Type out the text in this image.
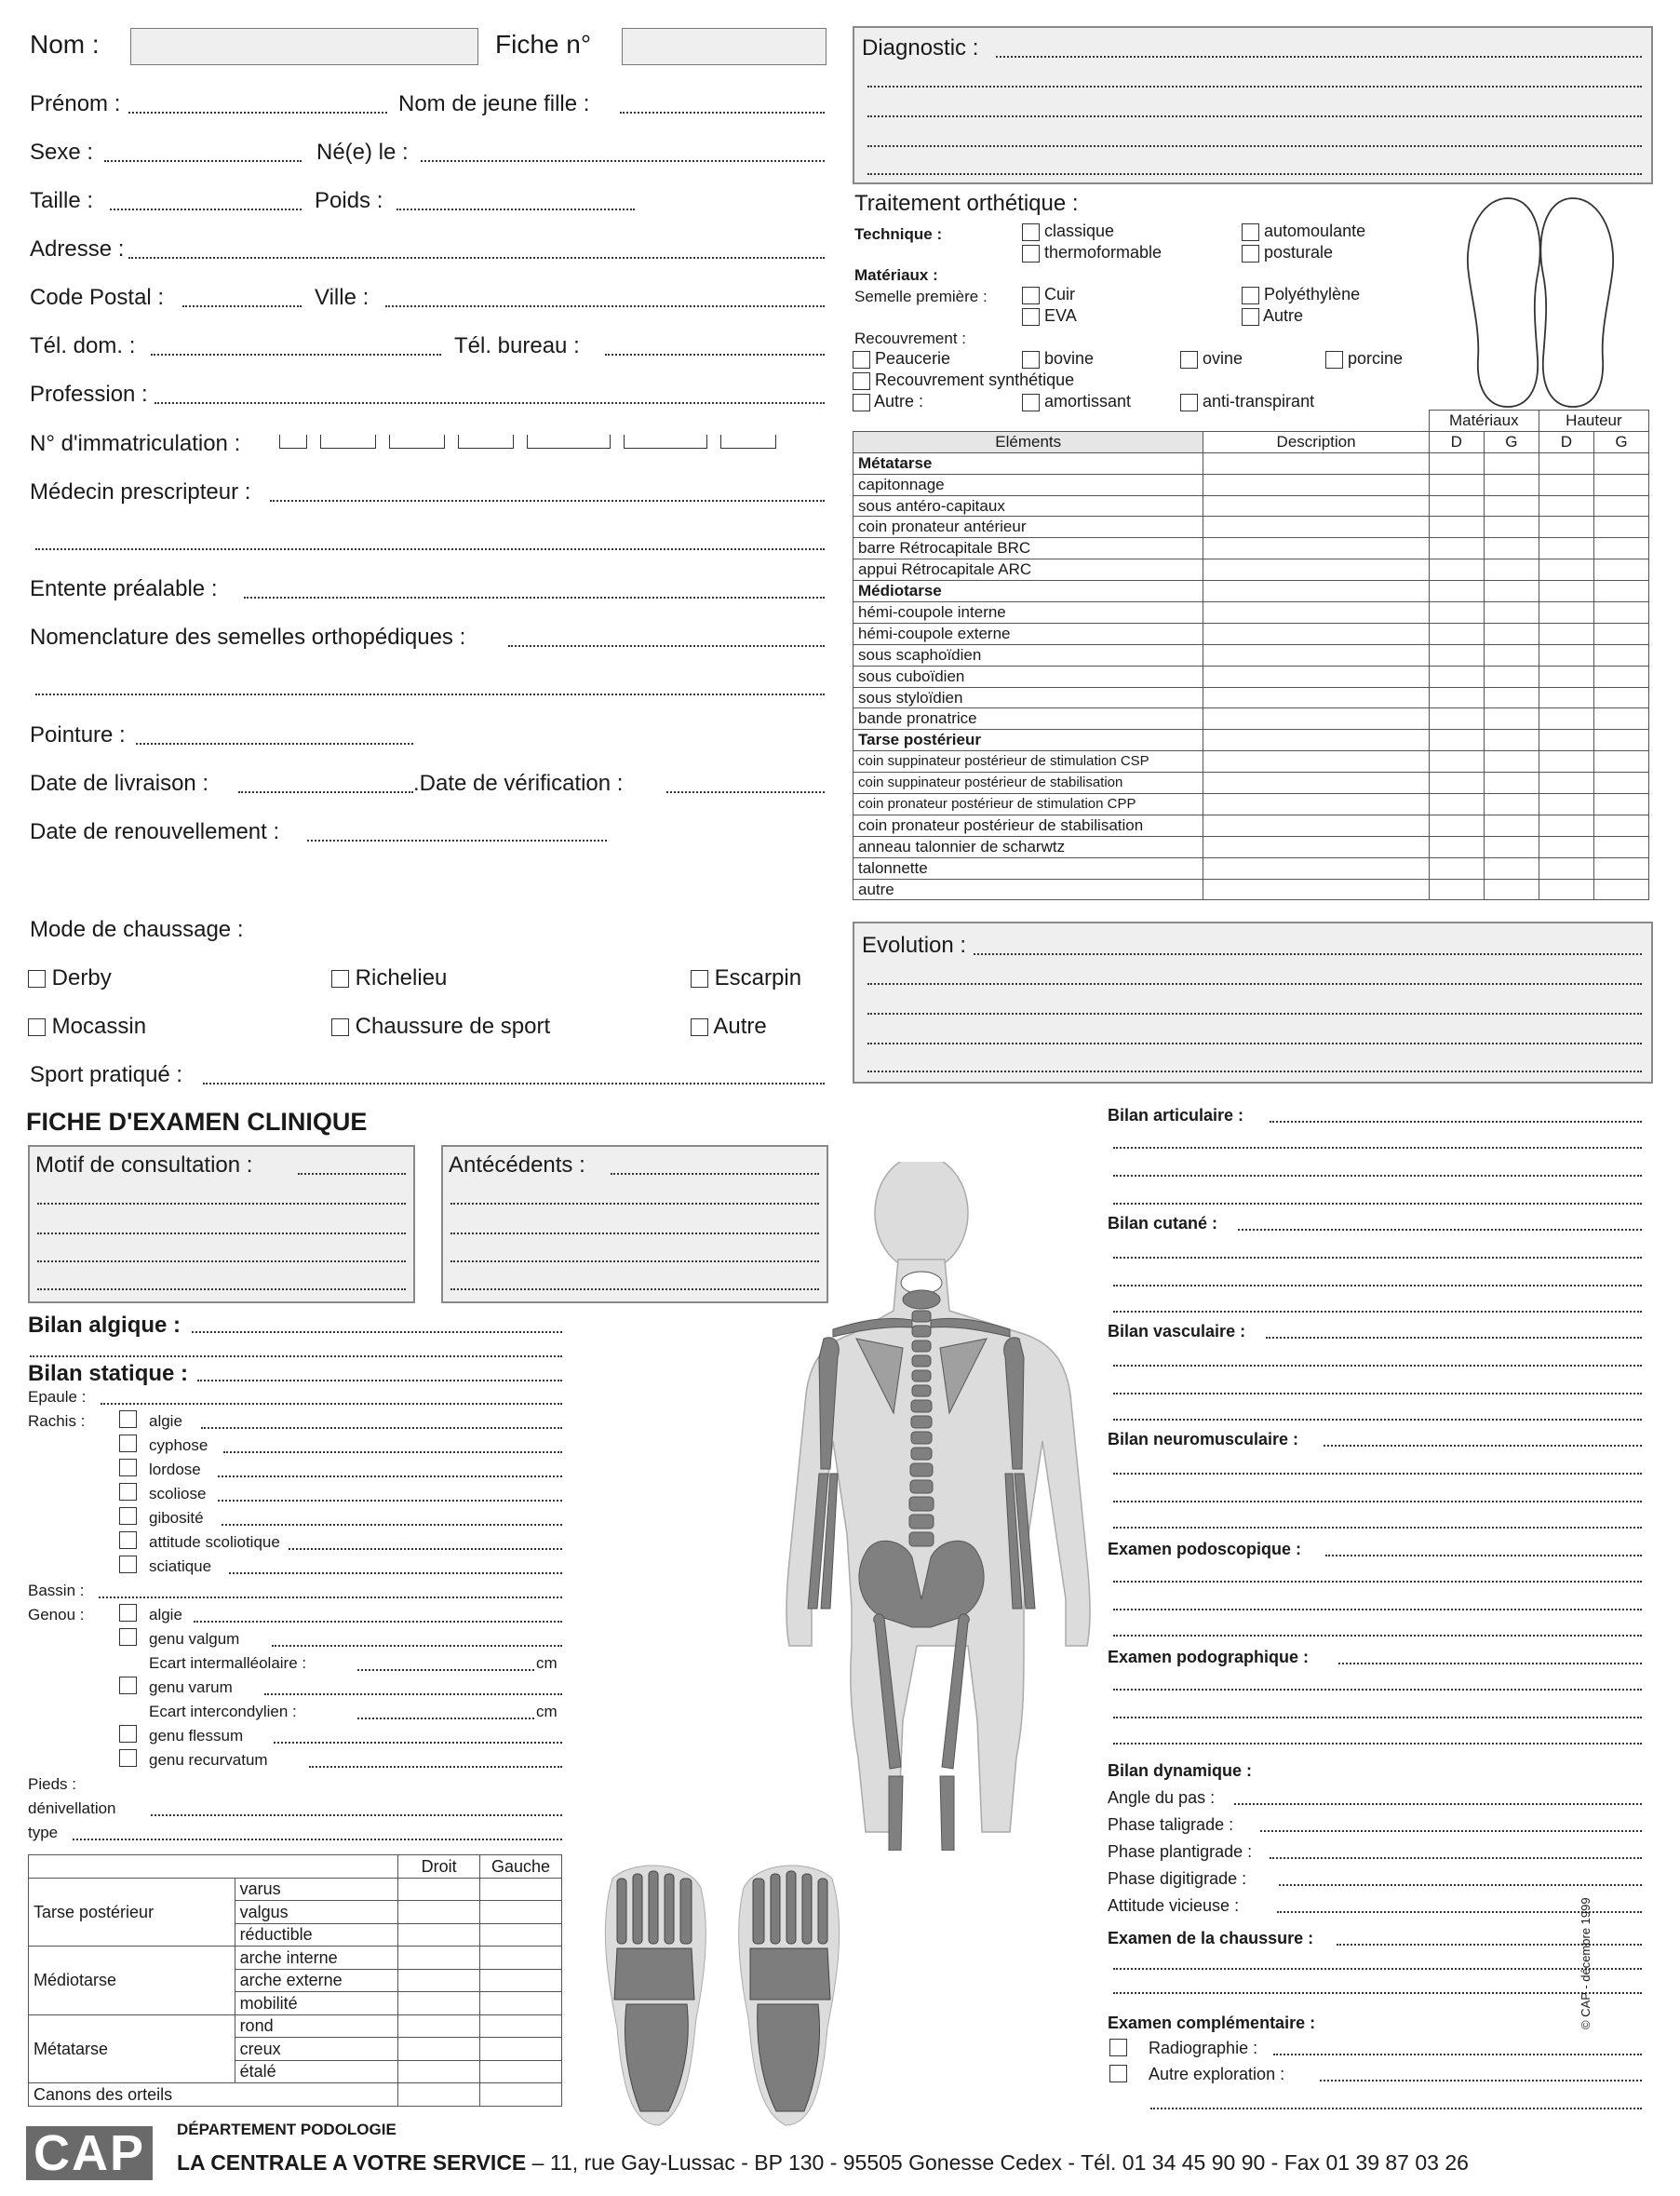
Nom :	Fiche n°
Prénom :	Nom de jeune fille :
Sexe :	Né(e) le :
Taille :	Poids :
Adresse :
Code Postal :	Ville :
Tél. dom. :	Tél. bureau :
Profession :
N° d'immatriculation :
Médecin prescripteur :
Entente préalable :
Nomenclature des semelles orthopédiques :
Pointure :
Date de livraison :	.Date de vérification :
Date de renouvellement :
Mode de chaussage :
Derby	Richelieu	Escarpin
Mocassin	Chaussure de sport	Autre
Sport pratiqué :
Diagnostic :
Traitement orthétique :
Technique :	classique	automoulante
thermoformable	posturale
Matériaux :
Semelle première :	Cuir	Polyéthylène
EVA	Autre
Recouvrement :
Peaucerie	bovine	ovine	porcine
Recouvrement synthétique
Autre :	amortissant	anti-transpirant
		Matériaux		Hauteur	
Eléments	Description	D	G	D	G
Métatarse					
capitonnage					
sous antéro-capitaux					
coin pronateur antérieur					
barre Rétrocapitale BRC					
appui Rétrocapitale ARC					
Médiotarse					
hémi-coupole interne					
hémi-coupole externe					
sous scaphoïdien					
sous cuboïdien					
sous styloïdien					
bande pronatrice					
Tarse postérieur					
coin suppinateur postérieur de stimulation CSP					
coin suppinateur postérieur de stabilisation					
coin pronateur postérieur de stimulation CPP					
coin pronateur postérieur de stabilisation					
anneau talonnier de scharwtz					
talonnette					
autre					
Evolution :
FICHE D'EXAMEN CLINIQUE
Motif de consultation :	Antécédents :
Bilan algique :
Bilan statique :
Epaule :
Rachis :	algie
cyphose
lordose
scoliose
gibosité
attitude scoliotique
sciatique
Bassin :
Genou :	algie
genu valgum
Ecart intermalléolaire :	cm
genu varum
Ecart intercondylien :	cm
genu flessum
genu recurvatum
Pieds :
dénivellation
type
		Droit	Gauche
Tarse postérieur	varus		
	valgus		
	réductible		
Médiotarse	arche interne		
	arche externe		
	mobilité		
Métatarse	rond		
	creux		
	étalé		
Canons des orteils			
Bilan articulaire :
Bilan cutané :
Bilan vasculaire :
Bilan neuromusculaire :
Examen podoscopique :
Examen podographique :
Bilan dynamique :
Angle du pas :
Phase taligrade :
Phase plantigrade :
Phase digitigrade :
Attitude vicieuse :
Examen de la chaussure :
Examen complémentaire :
Radiographie :
Autre exploration :
© CAP - décembre 1999
CAP	DÉPARTEMENT PODOLOGIE
LA CENTRALE A VOTRE SERVICE – 11, rue Gay-Lussac - BP 130 - 95505 Gonesse Cedex - Tél. 01 34 45 90 90 - Fax 01 39 87 03 26
